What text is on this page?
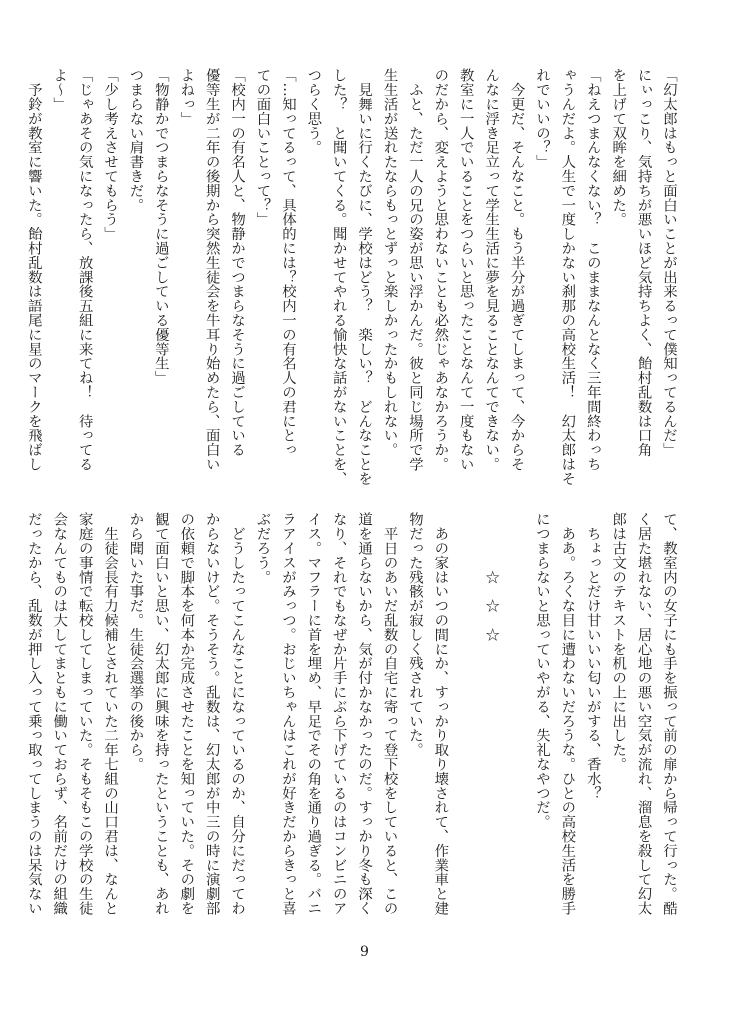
「幻太郎はもっと面白いことが出来るって僕知ってるんだ」
にぃっこり、気持ちが悪いほど気持ちよく、飴村乱数は口角
を上げて双眸を細めた。
「ねえつまんなくない？　このままなんとなく三年間終わっち
ゃうんだよ。人生で一度しかない刹那の高校生活！　幻太郎はそ
れでいいの？」
　今更だ、そんなこと。もう半分が過ぎてしまって、今からそ
んなに浮き足立って学生生活に夢を見ることなんてできない。
教室に一人でいることをつらいと思ったことなんて一度もない
のだから、変えようと思わないことも必然じゃあなかろうか。
　ふと、ただ一人の兄の姿が思い浮かんだ。彼と同じ場所で学
生生活が送れたならもっとずっと楽しかったかもしれない。
　見舞いに行くたびに、学校はどう？　楽しい？　どんなことを
した？　と聞いてくる。聞かせてやれる愉快な話がないことを、
つらく思う。
「…知ってるって、具体的には？校内一の有名人の君にとっ
ての面白いことって？」
「校内一の有名人と、物静かでつまらなそうに過ごしている
優等生が二年の後期から突然生徒会を牛耳り始めたら、面白い
よねっ」
「物静かでつまらなそうに過ごしている優等生」
つまらない肩書きだ。
「少し考えさせてもらう」
「じゃあその気になったら、放課後五組に来てね！　待ってる
よ～」
　予鈴が教室に響いた。飴村乱数は語尾に星のマークを飛ばし
て、教室内の女子にも手を振って前の扉から帰って行った。酷
く居た堪れない、居心地の悪い空気が流れ、溜息を殺して幻太
郎は古文のテキストを机の上に出した。
　ちょっとだけ甘いいい匂いがする、香水？
　ああ。ろくな目に遭わないだろうな。ひとの高校生活を勝手
につまらないと思っていやがる、失礼なやつだ。

　　　　☆　☆　☆

　あの家はいつの間にか、すっかり取り壊されて、作業車と建
物だった残骸が寂しく残されていた。
　平日のあいだ乱数の自宅に寄って登下校をしていると、この
道を通らないから、気が付かなかったのだ。すっかり冬も深く
なり、それでもなぜか片手にぶら下げているのはコンビニのア
イス。マフラーに首を埋め、早足でその角を通り過ぎる。バニ
ラアイスがみっつ。おじいちゃんはこれが好きだからきっと喜
ぶだろう。
　どうしたってこんなことになっているのか、自分にだってわ
からないけど。そうそう。乱数は、幻太郎が中三の時に演劇部
の依頼で脚本を何本か完成させたことを知っていた。その劇を
観て面白いと思い、幻太郎に興味を持ったということも、あれ
から聞いた事だ。生徒会選挙の後から。
　生徒会長有力候補とされていた二年七組の山口君は、なんと
家庭の事情で転校してしまっていた。そもそもこの学校の生徒
会なんてものは大してまともに働いておらず、名前だけの組織
だったから、乱数が押し入って乗っ取ってしまうのは呆気ない
9
